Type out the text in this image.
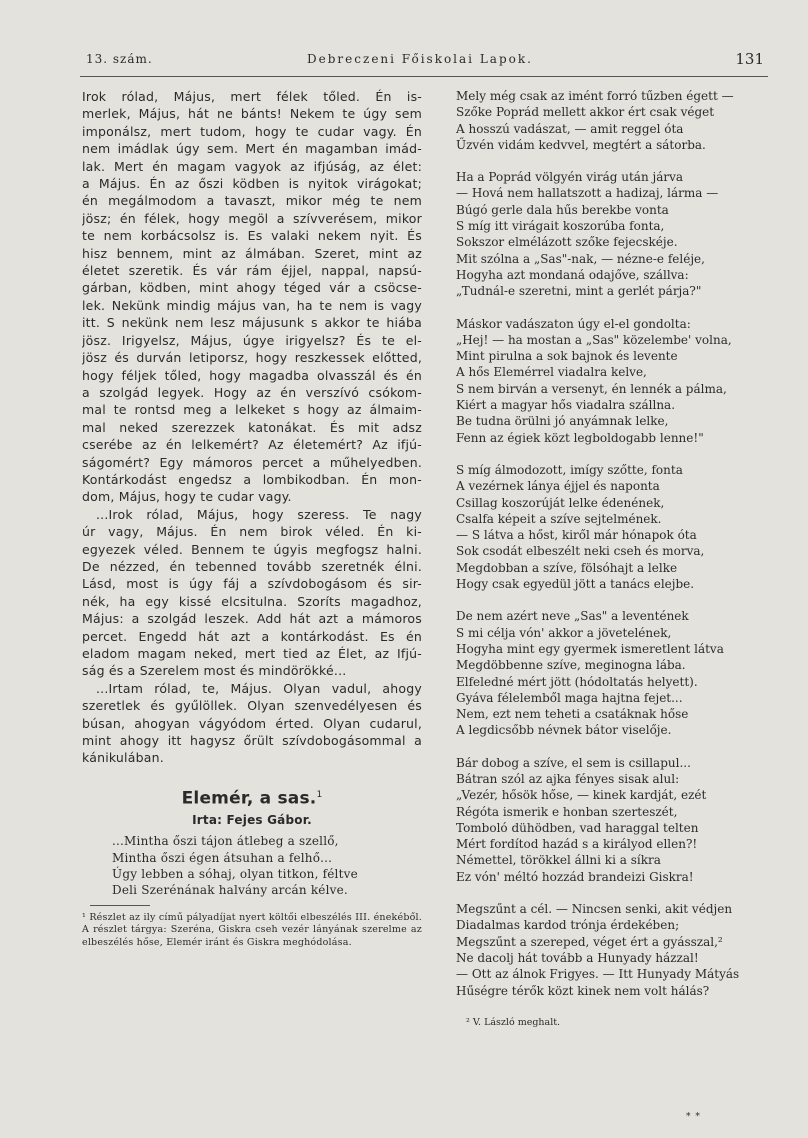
13. szám.	Debreczeni Főiskolai Lapok.	131
Irok rólad, Május, mert félek tőled. Én is-
merlek, Május, hát ne bánts! Nekem te úgy sem
imponálsz, mert tudom, hogy te cudar vagy. Én
nem imádlak úgy sem. Mert én magamban imád-
lak. Mert én magam vagyok az ifjúság, az élet:
a Május. Én az őszi ködben is nyitok virágokat;
én megálmodom a tavaszt, mikor még te nem
jösz; én félek, hogy megöl a szívverésem, mikor
te nem korbácsolsz is. Es valaki nekem nyit. És
hisz bennem, mint az álmában. Szeret, mint az
életet szeretik. És vár rám éjjel, nappal, napsú-
gárban, ködben, mint ahogy téged vár a csöcse-
lek. Nekünk mindig május van, ha te nem is vagy
itt. S nekünk nem lesz májusunk s akkor te hiába
jösz. Irigyelsz, Május, úgye irigyelsz? És te el-
jösz és durván letiporsz, hogy reszkessek előtted,
hogy féljek tőled, hogy magadba olvasszál és én
a szolgád legyek. Hogy az én verszívó csókom-
mal te rontsd meg a lelkeket s hogy az álmaim-
mal neked szerezzek katonákat. És mit adsz
cserébe az én lelkemért? Az életemért? Az ifjú-
ságomért? Egy mámoros percet a műhelyedben.
Kontárkodást engedsz a lombikodban. Én mon-
dom, Május, hogy te cudar vagy.
...Irok rólad, Május, hogy szeress. Te nagy
úr vagy, Május. Én nem birok véled. Én ki-
egyezek véled. Bennem te úgyis megfogsz halni.
De nézzed, én tebenned tovább szeretnék élni.
Lásd, most is úgy fáj a szívdobogásom és sir-
nék, ha egy kissé elcsitulna. Szoríts magadhoz,
Május: a szolgád leszek. Add hát azt a mámoros
percet. Engedd hát azt a kontárkodást. Es én
eladom magam neked, mert tied az Élet, az Ifjú-
ság és a Szerelem most és mindörökké...
...Irtam rólad, te, Május. Olyan vadul, ahogy
szeretlek és gyűlöllek. Olyan szenvedélyesen és
búsan, ahogyan vágyódom érted. Olyan cudarul,
mint ahogy itt hagysz őrült szívdobogásommal a
kánikulában.
Elemér, a sas.$^1$
Irta: Fejes Gábor.
...Mintha őszi tájon átlebeg a szellő,
Mintha őszi égen átsuhan a felhő...
Úgy lebben a sóhaj, olyan titkon, féltve
Deli Szerénának halvány arcán kélve.
¹ Részlet az ily című pályadíjat nyert költői elbeszélés III. énekéből. A részlet tárgya: Szeréna, Giskra cseh vezér lányának szerelme az elbeszélés hőse, Elemér iránt és Giskra meghódolása.
Mely még csak az imént forró tűzben égett —
Szőke Poprád mellett akkor ért csak véget
A hosszú vadászat, — amit reggel óta
Űzvén vidám kedvvel, megtért a sátorba.
Ha a Poprád völgyén virág után járva
— Hová nem hallatszott a hadizaj, lárma —
Búgó gerle dala hűs berekbe vonta
S míg itt virágait koszorúba fonta,
Sokszor elmélázott szőke fejecskéje.
Mit szólna a „Sas"-nak, — nézne-e feléje,
Hogyha azt mondaná odajőve, szállva:
„Tudnál-e szeretni, mint a gerlét párja?"
Máskor vadászaton úgy el-el gondolta:
„Hej! — ha mostan a „Sas" közelembe' volna,
Mint pirulna a sok bajnok és levente
A hős Elemérrel viadalra kelve,
S nem birván a versenyt, én lennék a pálma,
Kiért a magyar hős viadalra szállna.
Be tudna örülni jó anyámnak lelke,
Fenn az égiek közt legboldogabb lenne!"
S míg álmodozott, imígy szőtte, fonta
A vezérnek lánya éjjel és naponta
Csillag koszorúját lelke édenének,
Csalfa képeit a szíve sejtelmének.
— S látva a hőst, kiről már hónapok óta
Sok csodát elbeszélt neki cseh és morva,
Megdobban a szíve, fölsóhajt a lelke
Hogy csak egyedül jött a tanács elejbe.
De nem azért neve „Sas" a leventének
S mi célja vón' akkor a jövetelének,
Hogyha mint egy gyermek ismeretlent látva
Megdöbbenne szíve, meginogna lába.
Elfeledné mért jött (hódoltatás helyett).
Gyáva félelemből maga hajtna fejet...
Nem, ezt nem teheti a csatáknak hőse
A legdicsőbb névnek bátor viselője.
Bár dobog a szíve, el sem is csillapul...
Bátran szól az ajka fényes sisak alul:
„Vezér, hősök hőse, — kinek kardját, ezét
Régóta ismerik e honban szerteszét,
Tomboló dühödben, vad haraggal telten
Mért fordítod hazád s a királyod ellen?!
Némettel, törökkel állni ki a síkra
Ez vón' méltó hozzád brandeizi Giskra!
Megszűnt a cél. — Nincsen senki, akit védjen
Diadalmas kardod trónja érdekében;
Megszűnt a szereped, véget ért a gyásszal,²
Ne dacolj hát tovább a Hunyady házzal!
— Ott az álnok Frigyes. — Itt Hunyady Mátyás
Hűségre térők közt kinek nem volt hálás?
² V. László meghalt.
* *
